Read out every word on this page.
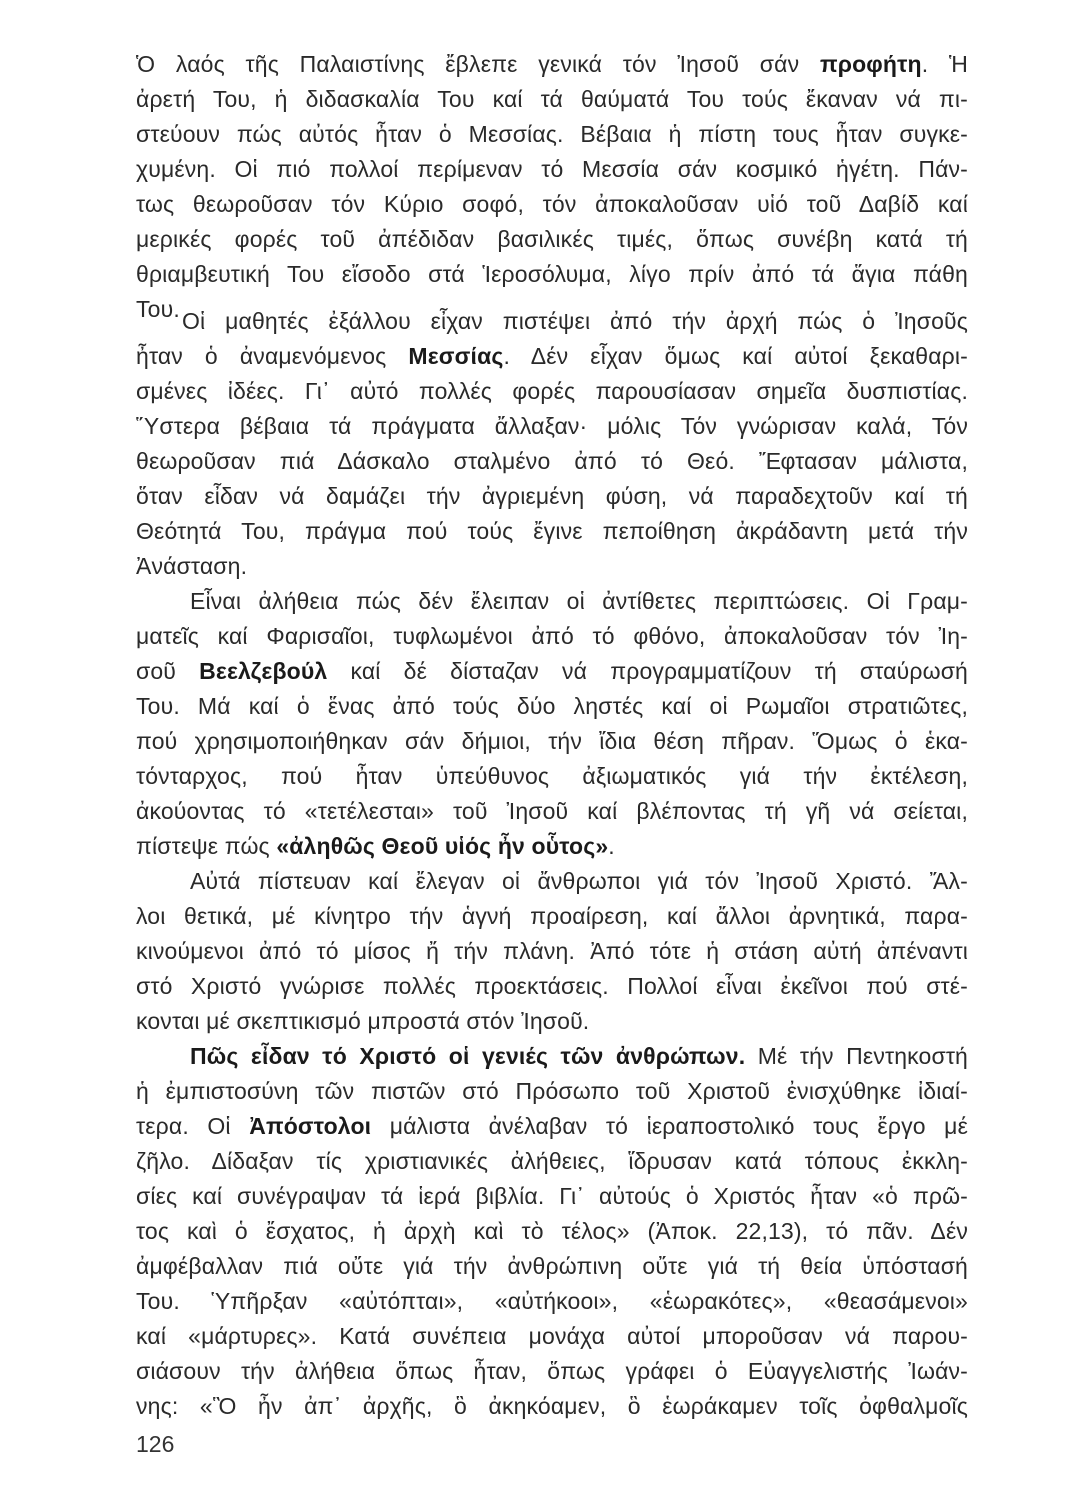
Ὁ λαός τῆς Παλαιστίνης ἔβλεπε γενικά τόν Ἰησοῦ σάν προφήτη. Ἡ
ἀρετή Του, ἡ διδασκαλία Του καί τά θαύματά Του τούς ἔκαναν νά πι-
στεύουν πώς αὐτός ἦταν ὁ Μεσσίας. Βέβαια ἡ πίστη τους ἦταν συγκε-
χυμένη. Οἱ πιό πολλοί περίμεναν τό Μεσσία σάν κοσμικό ἡγέτη. Πάν-
τως θεωροῦσαν τόν Κύριο σοφό, τόν ἀποκαλοῦσαν υἱό τοῦ Δαβίδ καί
μερικές φορές τοῦ ἀπέδιδαν βασιλικές τιμές, ὅπως συνέβη κατά τή
θριαμβευτική Του εἴσοδο στά Ἱεροσόλυμα, λίγο πρίν ἀπό τά ἅγια πάθη
Του. Οἱ μαθητές ἐξάλλου εἶχαν πιστέψει ἀπό τήν ἀρχή πώς ὁ Ἰησοῦς
ἦταν ὁ ἀναμενόμενος Μεσσίας. Δέν εἶχαν ὅμως καί αὐτοί ξεκαθαρι-
σμένες ἰδέες. Γι᾽ αὐτό πολλές φορές παρουσίασαν σημεῖα δυσπιστίας.
Ὕστερα βέβαια τά πράγματα ἄλλαξαν· μόλις Τόν γνώρισαν καλά, Τόν
θεωροῦσαν πιά Δάσκαλο σταλμένο ἀπό τό Θεό. Ἔφτασαν μάλιστα,
ὅταν εἶδαν νά δαμάζει τήν ἀγριεμένη φύση, νά παραδεχτοῦν καί τή
Θεότητά Του, πράγμα πού τούς ἔγινε πεποίθηση ἀκράδαντη μετά τήν
Ἀνάσταση.
Εἶναι ἀλήθεια πώς δέν ἔλειπαν οἱ ἀντίθετες περιπτώσεις. Οἱ Γραμ-
ματεῖς καί Φαρισαῖοι, τυφλωμένοι ἀπό τό φθόνο, ἀποκαλοῦσαν τόν Ἰη-
σοῦ Βεελζεβούλ καί δέ δίσταζαν νά προγραμματίζουν τή σταύρωσή
Του. Μά καί ὁ ἕνας ἀπό τούς δύο ληστές καί οἱ Ρωμαῖοι στρατιῶτες,
πού χρησιμοποιήθηκαν σάν δήμιοι, τήν ἴδια θέση πῆραν. Ὅμως ὁ ἑκα-
τόνταρχος, πού ἦταν ὑπεύθυνος ἀξιωματικός γιά τήν ἐκτέλεση,
ἀκούοντας τό «τετέλεσται» τοῦ Ἰησοῦ καί βλέποντας τή γῆ νά σείεται,
πίστεψε πώς «ἀληθῶς Θεοῦ υἱός ἦν οὗτος».
Αὐτά πίστευαν καί ἔλεγαν οἱ ἄνθρωποι γιά τόν Ἰησοῦ Χριστό. Ἄλ-
λοι θετικά, μέ κίνητρο τήν ἁγνή προαίρεση, καί ἄλλοι ἀρνητικά, παρα-
κινούμενοι ἀπό τό μίσος ἤ τήν πλάνη. Ἀπό τότε ἡ στάση αὐτή ἀπέναντι
στό Χριστό γνώρισε πολλές προεκτάσεις. Πολλοί εἶναι ἐκεῖνοι πού στέ-
κονται μέ σκεπτικισμό μπροστά στόν Ἰησοῦ.
Πῶς εἶδαν τό Χριστό οἱ γενιές τῶν ἀνθρώπων. Μέ τήν Πεντηκοστή
ἡ ἐμπιστοσύνη τῶν πιστῶν στό Πρόσωπο τοῦ Χριστοῦ ἐνισχύθηκε ἰδιαί-
τερα. Οἱ Ἀπόστολοι μάλιστα ἀνέλαβαν τό ἱεραποστολικό τους ἔργο μέ
ζῆλο. Δίδαξαν τίς χριστιανικές ἀλήθειες, ἵδρυσαν κατά τόπους ἐκκλη-
σίες καί συνέγραψαν τά ἱερά βιβλία. Γι᾽ αὐτούς ὁ Χριστός ἦταν «ὁ πρῶ-
τος καὶ ὁ ἔσχατος, ἡ ἀρχὴ καὶ τὸ τέλος» (Ἀποκ. 22,13), τό πᾶν. Δέν
ἀμφέβαλλαν πιά οὔτε γιά τήν ἀνθρώπινη οὔτε γιά τή θεία ὑπόστασή
Του. Ὑπῆρξαν «αὐτόπται», «αὐτήκοοι», «ἑωρακότες», «θεασάμενοι»
καί «μάρτυρες». Κατά συνέπεια μονάχα αὐτοί μποροῦσαν νά παρου-
σιάσουν τήν ἀλήθεια ὅπως ἦταν, ὅπως γράφει ὁ Εὐαγγελιστής Ἰωάν-
νης: «Ὃ ἦν ἀπ᾽ ἀρχῆς, ὃ ἀκηκόαμεν, ὃ ἑωράκαμεν τοῖς ὀφθαλμοῖς
126
